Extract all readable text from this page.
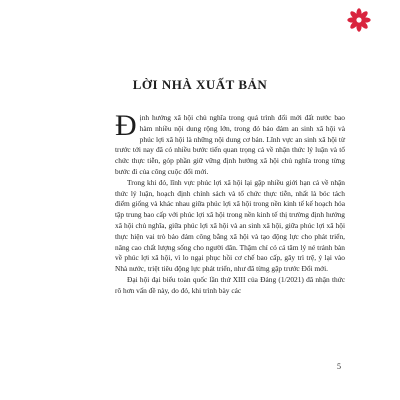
LỜI NHÀ XUẤT BẢN

Định hướng xã hội chủ nghĩa trong quá trình đổi mới đất nước bao hàm nhiều nội dung rộng lớn, trong đó bảo đảm an sinh xã hội và phúc lợi xã hội là những nội dung cơ bản. Lĩnh vực an sinh xã hội từ trước tới nay đã có nhiều bước tiến quan trọng cả về nhận thức lý luận và tổ chức thực tiễn, góp phần giữ vững định hướng xã hội chủ nghĩa trong từng bước đi của công cuộc đổi mới.

Trong khi đó, lĩnh vực phúc lợi xã hội lại gặp nhiều giới hạn cả về nhận thức lý luận, hoạch định chính sách và tổ chức thực tiễn, nhất là bóc tách điểm giống và khác nhau giữa phúc lợi xã hội trong nền kinh tế kế hoạch hóa tập trung bao cấp với phúc lợi xã hội trong nền kinh tế thị trường định hướng xã hội chủ nghĩa, giữa phúc lợi xã hội và an sinh xã hội, giữa phúc lợi xã hội thực hiện vai trò bảo đảm công bằng xã hội và tạo động lực cho phát triển, nâng cao chất lượng sống cho người dân. Thậm chí có cả tâm lý né tránh bàn về phúc lợi xã hội, vì lo ngại phục hồi cơ chế bao cấp, gây trì trệ, ỷ lại vào Nhà nước, triệt tiêu động lực phát triển, như đã từng gặp trước Đổi mới.

Đại hội đại biểu toàn quốc lần thứ XIII của Đảng (1/2021) đã nhận thức rõ hơn vấn đề này, do đó, khi trình bày các

5
